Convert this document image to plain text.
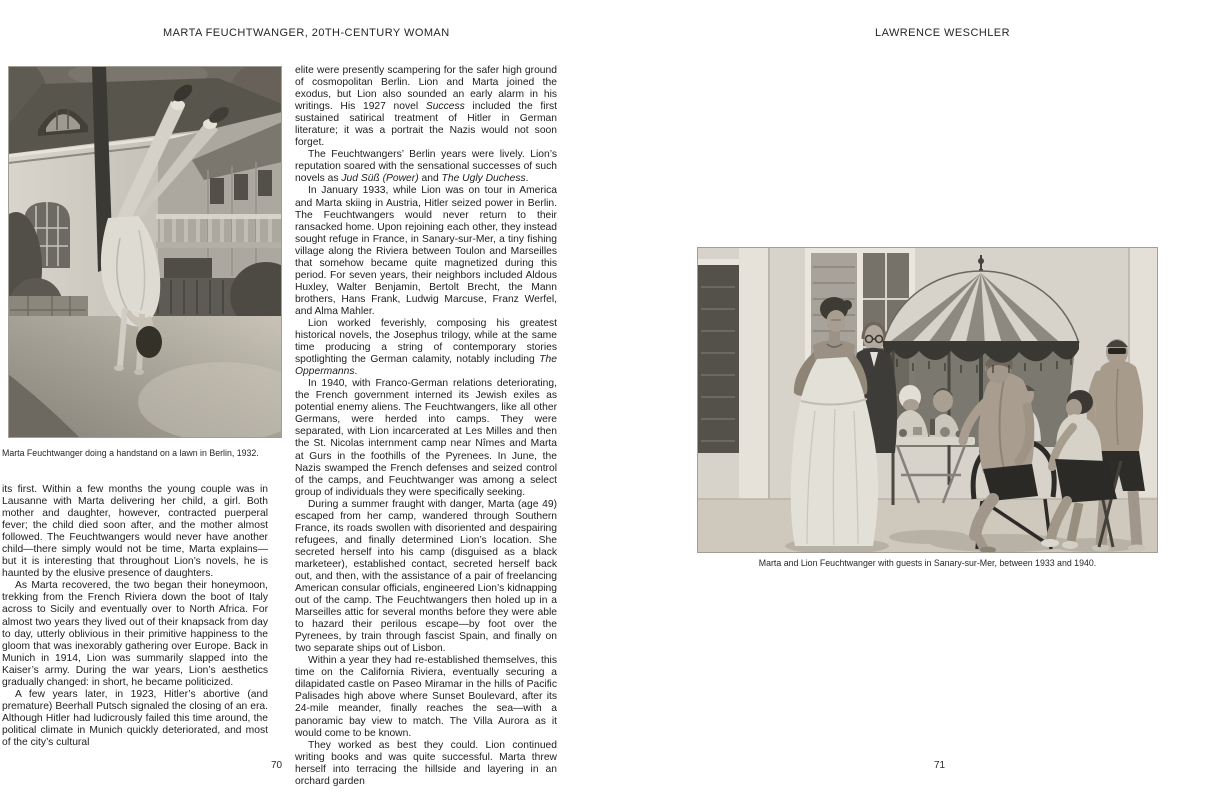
MARTA FEUCHTWANGER, 20TH-CENTURY WOMAN	LAWRENCE WESCHLER
Marta Feuchtwanger doing a handstand on a lawn in Berlin, 1932.

its first. Within a few months the young couple was in Lausanne with Marta delivering her child, a girl. Both mother and daughter, however, contracted puerperal fever; the child died soon after, and the mother almost followed. The Feuchtwangers would never have another child—there simply would not be time, Marta explains—but it is interesting that throughout Lion’s novels, he is haunted by the elusive presence of daughters.

As Marta recovered, the two began their honeymoon, trekking from the French Riviera down the boot of Italy across to Sicily and eventually over to North Africa. For almost two years they lived out of their knapsack from day to day, utterly oblivious in their primitive happiness to the gloom that was inexorably gathering over Europe. Back in Munich in 1914, Lion was summarily slapped into the Kaiser’s army. During the war years, Lion’s aesthetics gradually changed: in short, he became politicized.

A few years later, in 1923, Hitler’s abortive (and premature) Beerhall Putsch signaled the closing of an era. Although Hitler had ludicrously failed this time around, the political climate in Munich quickly deteriorated, and most of the city’s cultural

elite were presently scampering for the safer high ground of cosmopolitan Berlin. Lion and Marta joined the exodus, but Lion also sounded an early alarm in his writings. His 1927 novel Success included the first sustained satirical treatment of Hitler in German literature; it was a portrait the Nazis would not soon forget.

The Feuchtwangers’ Berlin years were lively. Lion’s reputation soared with the sensational successes of such novels as Jud Süß (Power) and The Ugly Duchess.

In January 1933, while Lion was on tour in America and Marta skiing in Austria, Hitler seized power in Berlin. The Feuchtwangers would never return to their ransacked home. Upon rejoining each other, they instead sought refuge in France, in Sanary-sur-Mer, a tiny fishing village along the Riviera between Toulon and Marseilles that somehow became quite magnetized during this period. For seven years, their neighbors included Aldous Huxley, Walter Benjamin, Bertolt Brecht, the Mann brothers, Hans Frank, Ludwig Marcuse, Franz Werfel, and Alma Mahler.

Lion worked feverishly, composing his greatest historical novels, the Josephus trilogy, while at the same time producing a string of contemporary stories spotlighting the German calamity, notably including The Oppermanns.

In 1940, with Franco-German relations deteriorating, the French government interned its Jewish exiles as potential enemy aliens. The Feuchtwangers, like all other Germans, were herded into camps. They were separated, with Lion incarcerated at Les Milles and then the St. Nicolas internment camp near Nîmes and Marta at Gurs in the foothills of the Pyrenees. In June, the Nazis swamped the French defenses and seized control of the camps, and Feuchtwanger was among a select group of individuals they were specifically seeking.

During a summer fraught with danger, Marta (age 49) escaped from her camp, wandered through Southern France, its roads swollen with disoriented and despairing refugees, and finally determined Lion’s location. She secreted herself into his camp (disguised as a black marketeer), established contact, secreted herself back out, and then, with the assistance of a pair of freelancing American consular officials, engineered Lion’s kidnapping out of the camp. The Feuchtwangers then holed up in a Marseilles attic for several months before they were able to hazard their perilous escape—by foot over the Pyrenees, by train through fascist Spain, and finally on two separate ships out of Lisbon.

Within a year they had re-established themselves, this time on the California Riviera, eventually securing a dilapidated castle on Paseo Miramar in the hills of Pacific Palisades high above where Sunset Boulevard, after its 24-mile meander, finally reaches the sea—with a panoramic bay view to match. The Villa Aurora as it would come to be known.

They worked as best they could. Lion continued writing books and was quite successful. Marta threw herself into terracing the hillside and layering in an orchard garden

Marta and Lion Feuchtwanger with guests in Sanary-sur-Mer, between 1933 and 1940.
70	71
